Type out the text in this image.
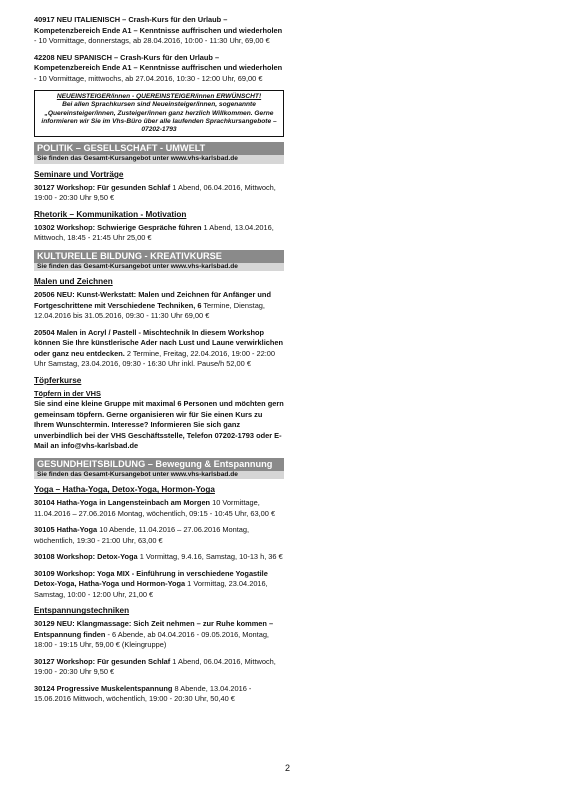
40917 NEU ITALIENISCH – Crash-Kurs für den Urlaub – Kompetenzbereich Ende A1 – Kenntnisse auffrischen und wiederholen - 10 Vormittage, donnerstags, ab 28.04.2016, 10:00 - 11:30 Uhr, 69,00 €
42208 NEU SPANISCH – Crash-Kurs für den Urlaub – Kompetenzbereich Ende A1 – Kenntnisse auffrischen und wiederholen - 10 Vormittage, mittwochs, ab 27.04.2016, 10:30 - 12:00 Uhr, 69,00 €
NEUEINSTEIGER/innen - QUEREINSTEIGER/innen ERWÜNSCHT!
Bei allen Sprachkursen sind Neueinsteiger/innen, sogenannte „Quereinsteiger/innen, Zusteiger/innen ganz herzlich Willkommen. Gerne informieren wir Sie im Vhs-Büro über alle laufenden Sprachkursangebote – 07202-1793
POLITIK – GESELLSCHAFT - UMWELT
Sie finden das Gesamt-Kursangebot unter www.vhs-karlsbad.de
Seminare und Vorträge
30127 Workshop: Für gesunden Schlaf 1 Abend, 06.04.2016, Mittwoch, 19:00 - 20:30 Uhr 9,50 €
Rhetorik – Kommunikation - Motivation
10302 Workshop: Schwierige Gespräche führen 1 Abend, 13.04.2016, Mittwoch, 18:45 - 21:45 Uhr 25,00 €
KULTURELLE BILDUNG - KREATIVKURSE
Sie finden das Gesamt-Kursangebot unter www.vhs-karlsbad.de
Malen und Zeichnen
20506 NEU: Kunst-Werkstatt: Malen und Zeichnen für Anfänger und Fortgeschrittene mit Verschiedene Techniken, 6 Termine, Dienstag, 12.04.2016 bis 31.05.2016, 09:30 - 11:30 Uhr 69,00 €
20504 Malen in Acryl / Pastell - Mischtechnik In diesem Workshop können Sie Ihre künstlerische Ader nach Lust und Laune verwirklichen oder ganz neu entdecken. 2 Termine, Freitag, 22.04.2016, 19:00 - 22:00 Uhr Samstag, 23.04.2016, 09:30 - 16:30 Uhr inkl. Pause/h 52,00 €
Töpferkurse
Töpfern in der VHS
Sie sind eine kleine Gruppe mit maximal 6 Personen und möchten gern gemeinsam töpfern. Gerne organisieren wir für Sie einen Kurs zu Ihrem Wunschtermin. Interesse? Informieren Sie sich ganz unverbindlich bei der VHS Geschäftsstelle, Telefon 07202-1793 oder E-Mail an info@vhs-karlsbad.de
GESUNDHEITSBILDUNG – Bewegung & Entspannung
Sie finden das Gesamt-Kursangebot unter www.vhs-karlsbad.de
Yoga – Hatha-Yoga, Detox-Yoga, Hormon-Yoga
30104 Hatha-Yoga in Langensteinbach am Morgen 10 Vormittage, 11.04.2016 – 27.06.2016 Montag, wöchentlich, 09:15 - 10:45 Uhr, 63,00 €
30105 Hatha-Yoga 10 Abende, 11.04.2016 – 27.06.2016 Montag, wöchentlich, 19:30 - 21:00 Uhr, 63,00 €
30108 Workshop: Detox-Yoga 1 Vormittag, 9.4.16, Samstag, 10-13 h, 36 €
30109 Workshop: Yoga MIX - Einführung in verschiedene Yogastile Detox-Yoga, Hatha-Yoga und Hormon-Yoga 1 Vormittag, 23.04.2016, Samstag, 10:00 - 12:00 Uhr, 21,00 €
Entspannungstechniken
30129 NEU: Klangmassage: Sich Zeit nehmen – zur Ruhe kommen – Entspannung finden - 6 Abende, ab 04.04.2016 - 09.05.2016, Montag, 18:00 - 19:15 Uhr, 59,00 € (Kleingruppe)
30127 Workshop: Für gesunden Schlaf 1 Abend, 06.04.2016, Mittwoch, 19:00 - 20:30 Uhr 9,50 €
30124 Progressive Muskelentspannung 8 Abende, 13.04.2016 - 15.06.2016 Mittwoch, wöchentlich, 19:00 - 20:30 Uhr, 50,40 €
2
